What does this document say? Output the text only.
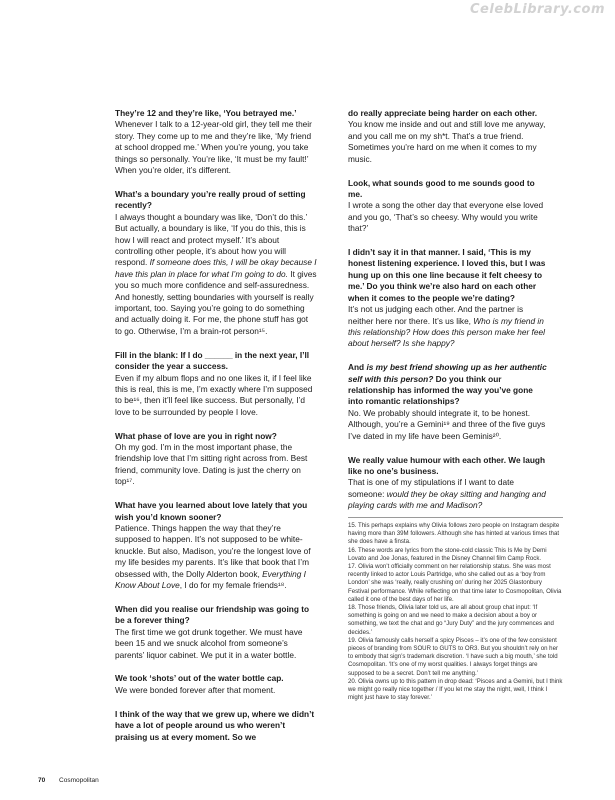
CelebLibrary.com

They’re 12 and they’re like, ‘You betrayed me.’

Whenever I talk to a 12-year-old girl, they tell me their story. They come up to me and they’re like, ‘My friend at school dropped me.’ When you’re young, you take things so personally. You’re like, ‘It must be my fault!’ When you’re older, it’s different.

What’s a boundary you’re really proud of setting recently?

I always thought a boundary was like, ‘Don’t do this.’ But actually, a boundary is like, ‘If you do this, this is how I will react and protect myself.’ It’s about controlling other people, it’s about how you will respond. If someone does this, I will be okay because I have this plan in place for what I’m going to do. It gives you so much more confidence and self-assuredness. And honestly, setting boundaries with yourself is really important, too. Saying you’re going to do something and actually doing it. For me, the phone stuff has got to go. Otherwise, I’m a brain-rot person¹⁵.

Fill in the blank: If I do ______ in the next year, I’ll consider the year a success.

Even if my album flops and no one likes it, if I feel like this is real, this is me, I’m exactly where I’m supposed to be¹⁶, then it’ll feel like success. But personally, I’d love to be surrounded by people I love.

What phase of love are you in right now?

Oh my god. I’m in the most important phase, the friendship love that I’m sitting right across from. Best friend, community love. Dating is just the cherry on top¹⁷.

What have you learned about love lately that you wish you’d known sooner?

Patience. Things happen the way that they’re supposed to happen. It’s not supposed to be white-knuckle. But also, Madison, you’re the longest love of my life besides my parents. It’s like that book that I’m obsessed with, the Dolly Alderton book, Everything I Know About Love, I do for my female friends¹⁸.

When did you realise our friendship was going to be a forever thing?

The first time we got drunk together. We must have been 15 and we snuck alcohol from someone’s parents’ liquor cabinet. We put it in a water bottle.

We took ‘shots’ out of the water bottle cap.

We were bonded forever after that moment.

I think of the way that we grew up, where we didn’t have a lot of people around us who weren’t praising us at every moment. So we

do really appreciate being harder on each other.

You know me inside and out and still love me anyway, and you call me on my sh*t. That’s a true friend. Sometimes you’re hard on me when it comes to my music.

Look, what sounds good to me sounds good to me.

I wrote a song the other day that everyone else loved and you go, ‘That’s so cheesy. Why would you write that?’

I didn’t say it in that manner. I said, ‘This is my honest listening experience. I loved this, but I was hung up on this one line because it felt cheesy to me.’ Do you think we’re also hard on each other when it comes to the people we’re dating?

It’s not us judging each other. And the partner is neither here nor there. It’s us like, Who is my friend in this relationship? How does this person make her feel about herself? Is she happy?

And is my best friend showing up as her authentic self with this person? Do you think our relationship has informed the way you’ve gone into romantic relationships?

No. We probably should integrate it, to be honest. Although, you’re a Gemini¹⁹ and three of the five guys I’ve dated in my life have been Geminis²⁰.

We really value humour with each other. We laugh like no one’s business.

That is one of my stipulations if I want to date someone: would they be okay sitting and hanging and playing cards with me and Madison?

15. This perhaps explains why Olivia follows zero people on Instagram despite having more than 39M followers. Although she has hinted at various times that she does have a finsta.

16. These words are lyrics from the stone-cold classic This Is Me by Demi Lovato and Joe Jonas, featured in the Disney Channel film Camp Rock.

17. Olivia won’t officially comment on her relationship status. She was most recently linked to actor Louis Partridge, who she called out as a ‘boy from London’ she was ‘really, really crushing on’ during her 2025 Glastonbury Festival performance. While reflecting on that time later to Cosmopolitan, Olivia called it one of the best days of her life.

18. Those friends, Olivia later told us, are all about group chat input: ‘If something is going on and we need to make a decision about a boy or something, we text the chat and go “Jury Duty” and the jury commences and decides.’

19. Olivia famously calls herself a spicy Pisces – it’s one of the few consistent pieces of branding from SOUR to GUTS to OR3. But you shouldn’t rely on her to embody that sign’s trademark discretion. ‘I have such a big mouth,’ she told Cosmopolitan. ‘It’s one of my worst qualities. I always forget things are supposed to be a secret. Don’t tell me anything.’

20. Olivia owns up to this pattern in drop dead: ‘Pisces and a Gemini, but I think we might go really nice together / If you let me stay the night, well, I think I might just have to stay forever.’

70 Cosmopolitan
